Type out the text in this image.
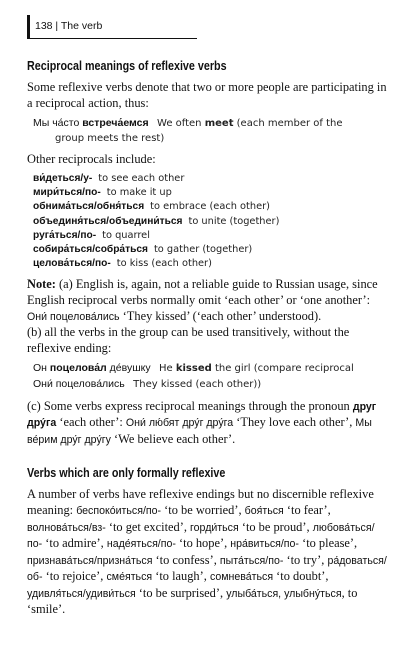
138 | The verb
Reciprocal meanings of reflexive verbs

Some reflexive verbs denote that two or more people are participating in a reciprocal action, thus:

Мы ча́сто встреча́емся We often meet (each member of the
group meets the rest)

Other reciprocals include:

ви́деться/у- to see each other
мири́ться/по- to make it up
обнима́ться/обня́ться to embrace (each other)
объединя́ться/объедини́ться to unite (together)
руга́ться/по- to quarrel
собира́ться/собра́ться to gather (together)
целова́ться/по- to kiss (each other)

Note: (a) English is, again, not a reliable guide to Russian usage, since English reciprocal verbs normally omit ‘each other’ or ‘one another’: Они́ поцелова́лись ‘They kissed’ (‘each other’ understood).

(b) all the verbs in the group can be used transitively, without the reflexive ending:

Он поцелова́л де́вушку He kissed the girl (compare reciprocal
Они́ поцелова́лись They kissed (each other))

(c) Some verbs express reciprocal meanings through the pronoun друг дру́га ‘each other’: Они́ лю́бят дру́г дру́га ‘They love each other’, Мы ве́рим дру́г дру́гу ‘We believe each other’.

Verbs which are only formally reflexive

A number of verbs have reflexive endings but no discernible reflexive meaning: беспоко́иться/по- ‘to be worried’, боя́ться ‘to fear’, волнова́ться/вз- ‘to get excited’, горди́ться ‘to be proud’, любова́ться/по- ‘to admire’, наде́яться/по- ‘to hope’, нра́виться/по- ‘to please’, признава́ться/призна́ться ‘to confess’, пыта́ться/по- ‘to try’, ра́доваться/об- ‘to rejoice’, сме́яться ‘to laugh’, сомнева́ться ‘to doubt’, удивля́ться/удиви́ться ‘to be surprised’, улыба́ться, улыбну́ться, to ‘smile’.
